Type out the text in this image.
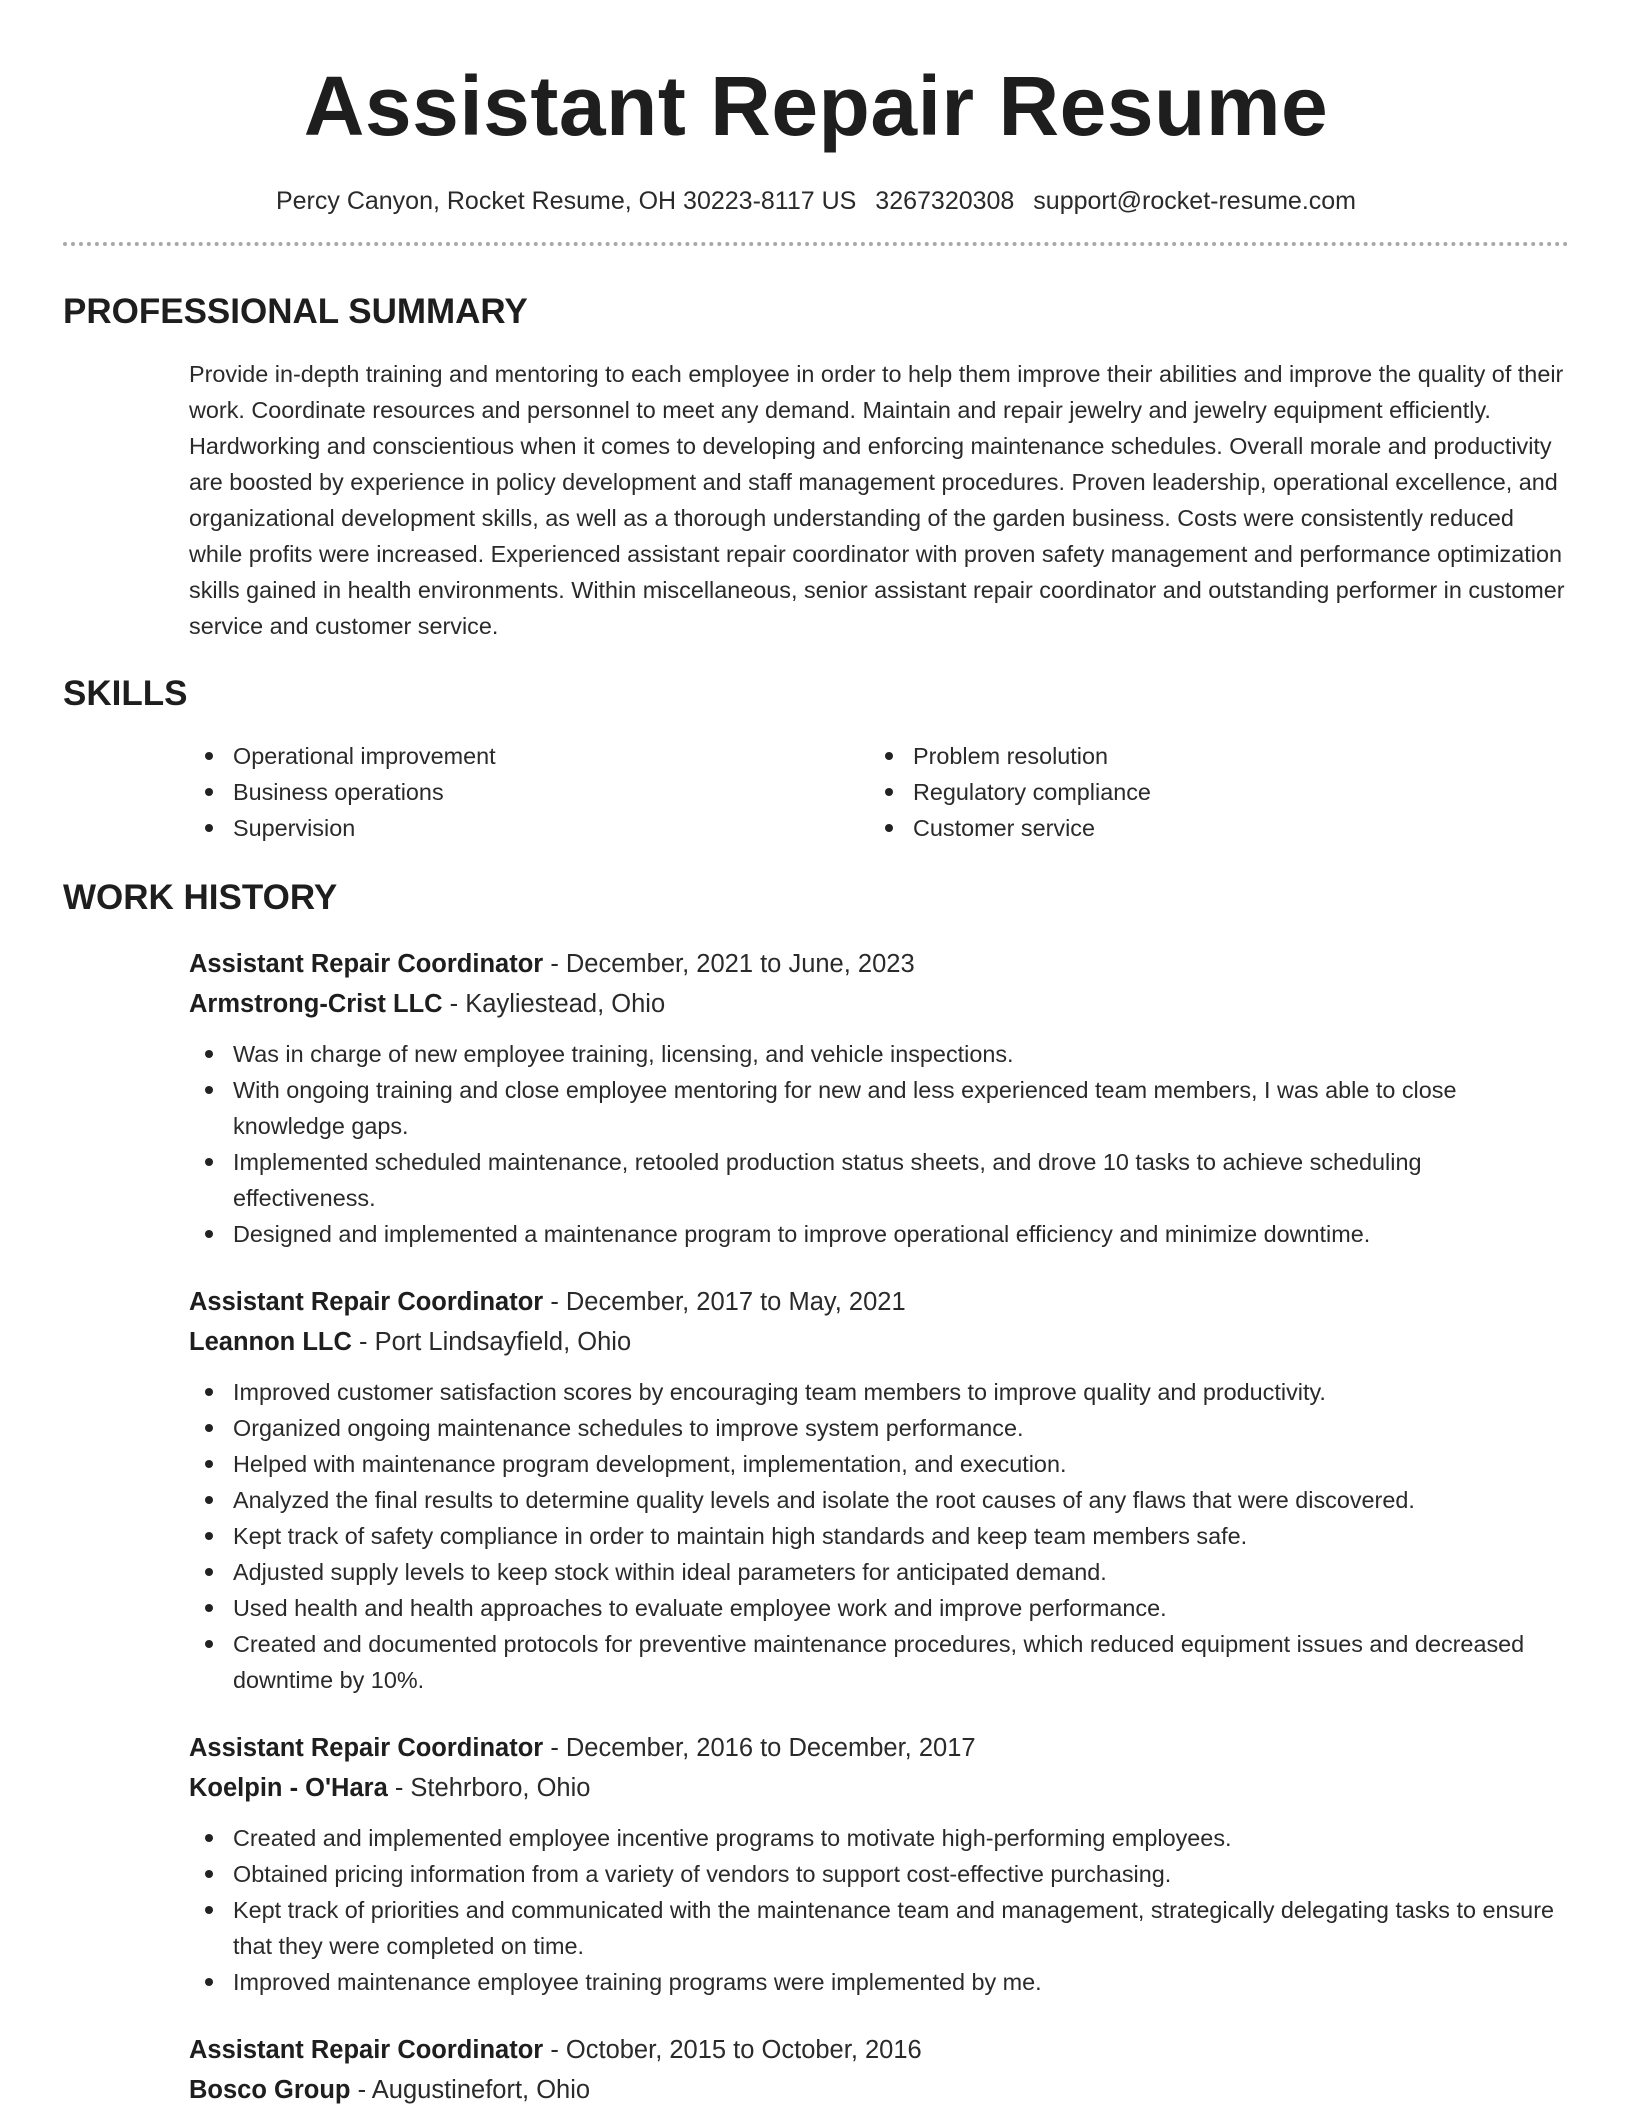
Assistant Repair Resume
Percy Canyon, Rocket Resume, OH 30223-8117 US 3267320308 support@rocket-resume.com
PROFESSIONAL SUMMARY

Provide in-depth training and mentoring to each employee in order to help them improve their abilities and improve the quality of their work. Coordinate resources and personnel to meet any demand. Maintain and repair jewelry and jewelry equipment efficiently. Hardworking and conscientious when it comes to developing and enforcing maintenance schedules. Overall morale and productivity are boosted by experience in policy development and staff management procedures. Proven leadership, operational excellence, and organizational development skills, as well as a thorough understanding of the garden business. Costs were consistently reduced while profits were increased. Experienced assistant repair coordinator with proven safety management and performance optimization skills gained in health environments. Within miscellaneous, senior assistant repair coordinator and outstanding performer in customer service and customer service.

SKILLS
Operational improvement
Business operations
Supervision
Problem resolution
Regulatory compliance
Customer service
WORK HISTORY
Assistant Repair Coordinator - December, 2021 to June, 2023
Armstrong-Crist LLC - Kayliestead, Ohio
Was in charge of new employee training, licensing, and vehicle inspections.
With ongoing training and close employee mentoring for new and less experienced team members, I was able to close knowledge gaps.
Implemented scheduled maintenance, retooled production status sheets, and drove 10 tasks to achieve scheduling effectiveness.
Designed and implemented a maintenance program to improve operational efficiency and minimize downtime.
Assistant Repair Coordinator - December, 2017 to May, 2021
Leannon LLC - Port Lindsayfield, Ohio
Improved customer satisfaction scores by encouraging team members to improve quality and productivity.
Organized ongoing maintenance schedules to improve system performance.
Helped with maintenance program development, implementation, and execution.
Analyzed the final results to determine quality levels and isolate the root causes of any flaws that were discovered.
Kept track of safety compliance in order to maintain high standards and keep team members safe.
Adjusted supply levels to keep stock within ideal parameters for anticipated demand.
Used health and health approaches to evaluate employee work and improve performance.
Created and documented protocols for preventive maintenance procedures, which reduced equipment issues and decreased downtime by 10%.
Assistant Repair Coordinator - December, 2016 to December, 2017
Koelpin - O'Hara - Stehrboro, Ohio
Created and implemented employee incentive programs to motivate high-performing employees.
Obtained pricing information from a variety of vendors to support cost-effective purchasing.
Kept track of priorities and communicated with the maintenance team and management, strategically delegating tasks to ensure that they were completed on time.
Improved maintenance employee training programs were implemented by me.
Assistant Repair Coordinator - October, 2015 to October, 2016
Bosco Group - Augustinefort, Ohio
